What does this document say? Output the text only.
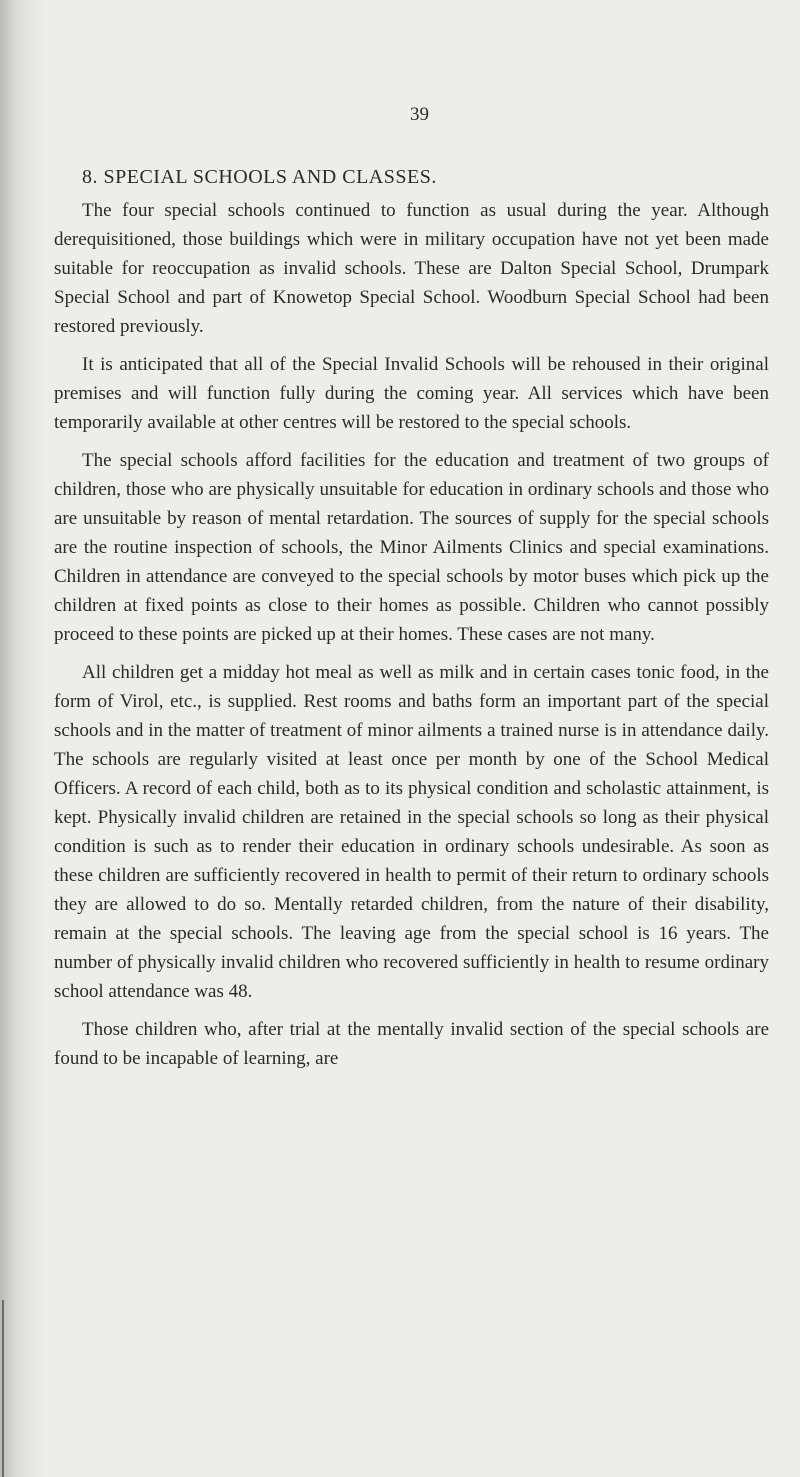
39
8. SPECIAL SCHOOLS AND CLASSES.

The four special schools continued to function as usual during the year. Although derequisitioned, those buildings which were in military occupation have not yet been made suitable for reoccupation as invalid schools. These are Dalton Special School, Drumpark Special School and part of Knowetop Special School. Woodburn Special School had been restored previously.

It is anticipated that all of the Special Invalid Schools will be rehoused in their original premises and will function fully during the coming year. All services which have been temporarily available at other centres will be restored to the special schools.

The special schools afford facilities for the education and treatment of two groups of children, those who are physically unsuitable for education in ordinary schools and those who are unsuitable by reason of mental retardation. The sources of supply for the special schools are the routine inspection of schools, the Minor Ailments Clinics and special examinations. Children in attendance are conveyed to the special schools by motor buses which pick up the children at fixed points as close to their homes as possible. Children who cannot possibly proceed to these points are picked up at their homes. These cases are not many.

All children get a midday hot meal as well as milk and in certain cases tonic food, in the form of Virol, etc., is supplied. Rest rooms and baths form an important part of the special schools and in the matter of treatment of minor ailments a trained nurse is in attendance daily. The schools are regularly visited at least once per month by one of the School Medical Officers. A record of each child, both as to its physical condition and scholastic attainment, is kept. Physically invalid children are retained in the special schools so long as their physical condition is such as to render their education in ordinary schools undesirable. As soon as these children are sufficiently recovered in health to permit of their return to ordinary schools they are allowed to do so. Mentally retarded children, from the nature of their disability, remain at the special schools. The leaving age from the special school is 16 years. The number of physically invalid children who recovered sufficiently in health to resume ordinary school attendance was 48.

Those children who, after trial at the mentally invalid section of the special schools are found to be incapable of learning, are
